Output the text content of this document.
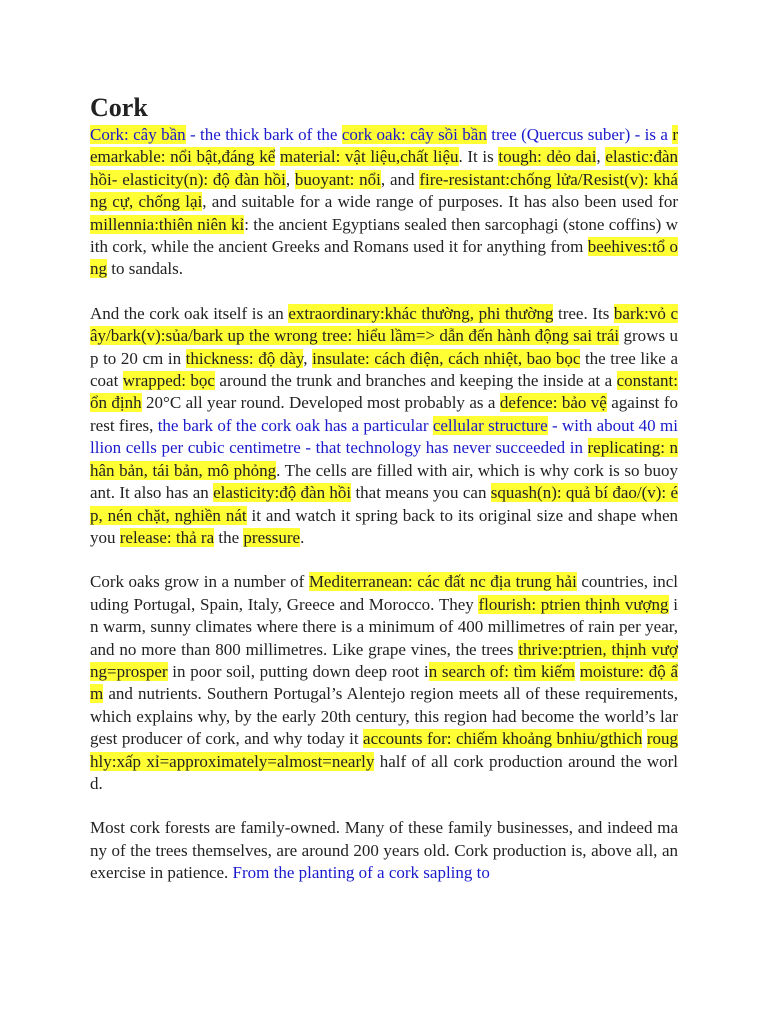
Cork

Cork: cây bần - the thick bark of the cork oak: cây sồi bần tree (Quercus suber) - is a remarkable: nổi bật,đáng kể material: vật liệu,chất liệu. It is tough: dẻo dai, elastic:đàn hồi- elasticity(n): độ đàn hồi, buoyant: nổi, and fire-resistant:chống lửa/Resist(v): kháng cự, chống lại, and suitable for a wide range of purposes. It has also been used for millennia:thiên niên kỉ: the ancient Egyptians sealed then sarcophagi (stone coffins) with cork, while the ancient Greeks and Romans used it for anything from beehives:tổ ong to sandals.

And the cork oak itself is an extraordinary:khác thường, phi thường tree. Its bark:vỏ cây/bark(v):sủa/bark up the wrong tree: hiểu lầm=> dẫn đến hành động sai trái grows up to 20 cm in thickness: độ dày, insulate: cách điện, cách nhiệt, bao bọc the tree like a coat wrapped: bọc around the trunk and branches and keeping the inside at a constant: ổn định 20°C all year round. Developed most probably as a defence: bảo vệ against forest fires, the bark of the cork oak has a particular cellular structure - with about 40 million cells per cubic centimetre - that technology has never succeeded in replicating: nhân bản, tái bản, mô phỏng. The cells are filled with air, which is why cork is so buoyant. It also has an elasticity:độ đàn hồi that means you can squash(n): quả bí đao/(v): ép, nén chặt, nghiền nát it and watch it spring back to its original size and shape when you release: thả ra the pressure.

Cork oaks grow in a number of Mediterranean: các đất nc địa trung hải countries, including Portugal, Spain, Italy, Greece and Morocco. They flourish: ptrien thịnh vượng in warm, sunny climates where there is a minimum of 400 millimetres of rain per year, and no more than 800 millimetres. Like grape vines, the trees thrive:ptrien, thịnh vượng=prosper in poor soil, putting down deep root in search of: tìm kiếm moisture: độ ẩm and nutrients. Southern Portugal’s Alentejo region meets all of these requirements, which explains why, by the early 20th century, this region had become the world’s largest producer of cork, and why today it accounts for: chiếm khoảng bnhiu/gthich roughly:xấp xỉ=approximately=almost=nearly half of all cork production around the world.

Most cork forests are family-owned. Many of these family businesses, and indeed many of the trees themselves, are around 200 years old. Cork production is, above all, an exercise in patience. From the planting of a cork sapling to
